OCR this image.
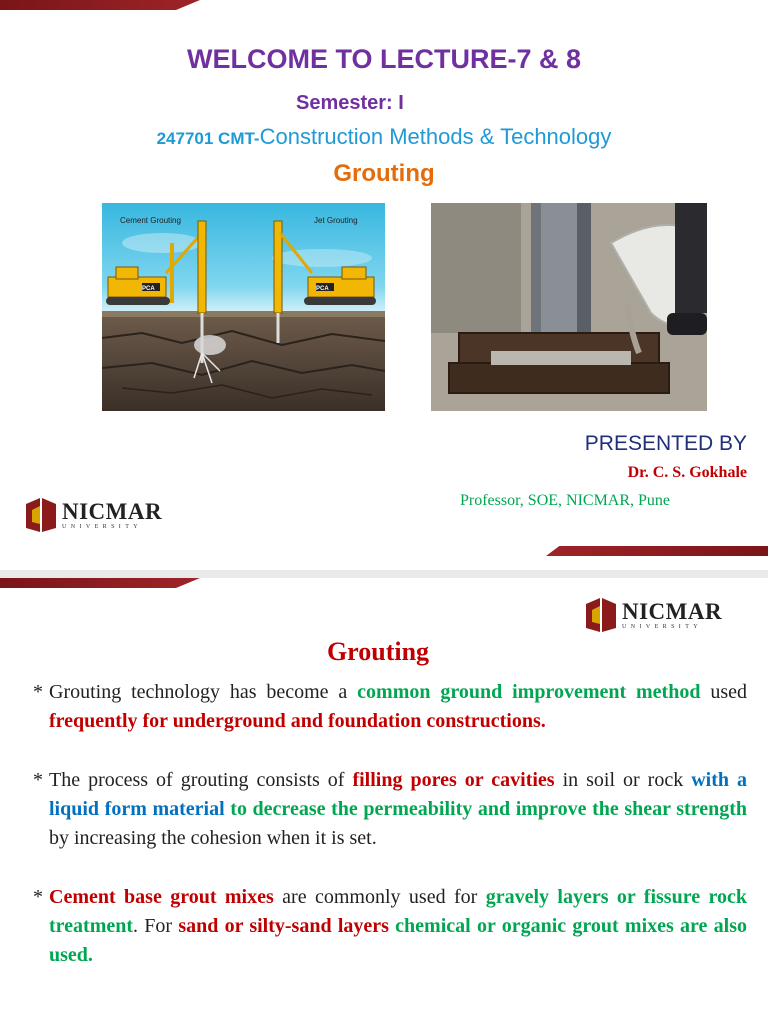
WELCOME TO LECTURE-7 & 8
Semester: I
247701 CMT-Construction Methods & Technology
Grouting
Cement Grouting	Jet Grouting
PCA	PCA
PRESENTED BY
Dr. C. S. Gokhale
Professor, SOE, NICMAR, Pune
NICMAR
UNIVERSITY
NICMAR
UNIVERSITY
Grouting
* Grouting technology has become a common ground improvement method used frequently for underground and foundation constructions.
* The process of grouting consists of filling pores or cavities in soil or rock with a liquid form material to decrease the permeability and improve the shear strength by increasing the cohesion when it is set.
* Cement base grout mixes are commonly used for gravely layers or fissure rock treatment. For sand or silty-sand layers chemical or organic grout mixes are also used.
